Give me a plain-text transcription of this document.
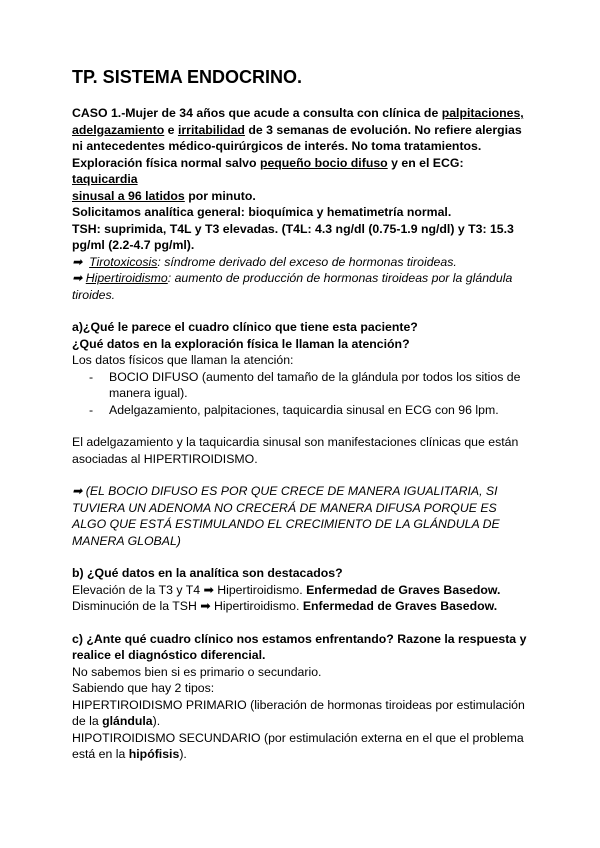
TP. SISTEMA ENDOCRINO.

CASO 1.-Mujer de 34 años que acude a consulta con clínica de palpitaciones,

adelgazamiento e irritabilidad de 3 semanas de evolución. No refiere alergias

ni antecedentes médico-quirúrgicos de interés. No toma tratamientos.

Exploración física normal salvo pequeño bocio difuso y en el ECG: taquicardia

sinusal a 96 latidos por minuto.

Solicitamos analítica general: bioquímica y hematimetría normal.

TSH: suprimida, T4L y T3 elevadas. (T4L: 4.3 ng/dl (0.75-1.9 ng/dl) y T3: 15.3

pg/ml (2.2-4.7 pg/ml).

➡ Tirotoxicosis: síndrome derivado del exceso de hormonas tiroideas.

➡ Hipertiroidismo: aumento de producción de hormonas tiroideas por la glándula tiroides.

a)¿Qué le parece el cuadro clínico que tiene esta paciente?

¿Qué datos en la exploración física le llaman la atención?

Los datos físicos que llaman la atención:

- BOCIO DIFUSO (aumento del tamaño de la glándula por todos los sitios de manera igual).
- Adelgazamiento, palpitaciones, taquicardia sinusal en ECG con 96 lpm.

El adelgazamiento y la taquicardia sinusal son manifestaciones clínicas que están asociadas al HIPERTIROIDISMO.

➡ (EL BOCIO DIFUSO ES POR QUE CRECE DE MANERA IGUALITARIA, SI TUVIERA UN ADENOMA NO CRECERÁ DE MANERA DIFUSA PORQUE ES ALGO QUE ESTÁ ESTIMULANDO EL CRECIMIENTO DE LA GLÁNDULA DE MANERA GLOBAL)

b) ¿Qué datos en la analítica son destacados?

Elevación de la T3 y T4 ➡ Hipertiroidismo. Enfermedad de Graves Basedow.

Disminución de la TSH ➡ Hipertiroidismo. Enfermedad de Graves Basedow.

c) ¿Ante qué cuadro clínico nos estamos enfrentando? Razone la respuesta y realice el diagnóstico diferencial.

No sabemos bien si es primario o secundario.

Sabiendo que hay 2 tipos:

HIPERTIROIDISMO PRIMARIO (liberación de hormonas tiroideas por estimulación de la glándula).

HIPOTIROIDISMO SECUNDARIO (por estimulación externa en el que el problema está en la hipófisis).
